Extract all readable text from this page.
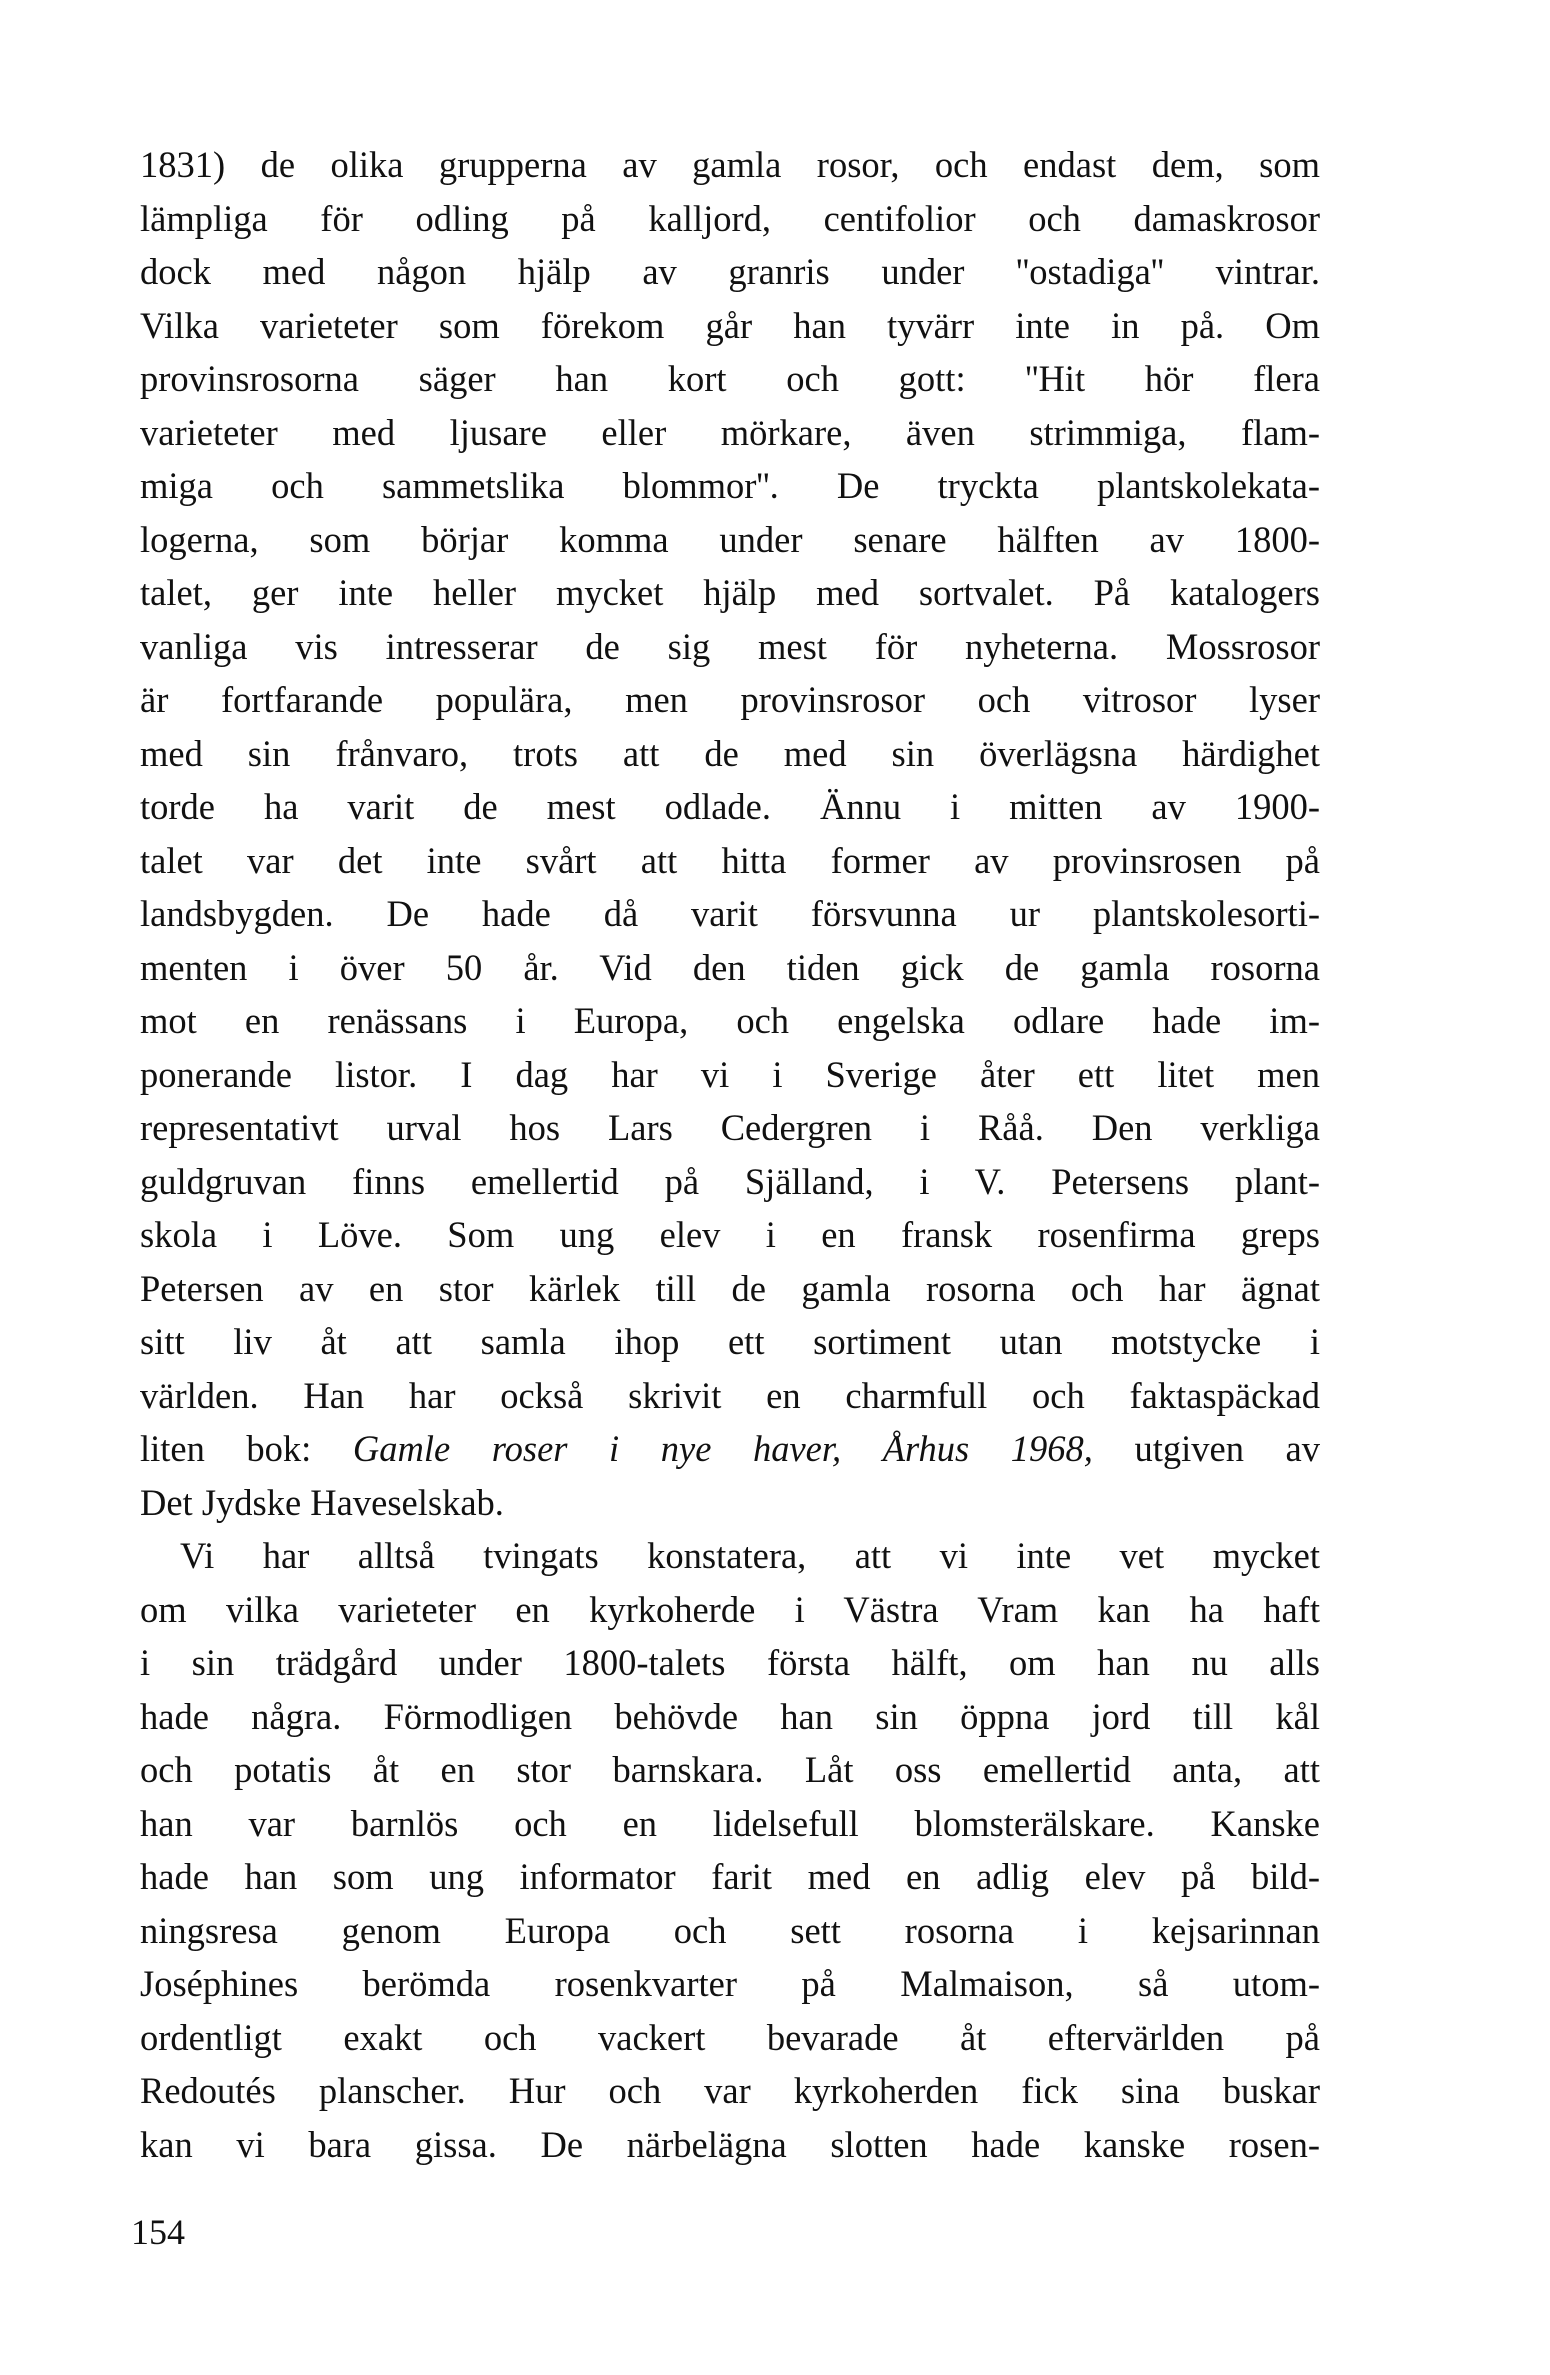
1831) de olika grupperna av gamla rosor, och endast dem, som
lämpliga för odling på kalljord, centifolior och damaskrosor
dock med någon hjälp av granris under ''ostadiga'' vintrar.
Vilka varieteter som förekom går han tyvärr inte in på. Om
provinsrosorna säger han kort och gott: ''Hit hör flera
varieteter med ljusare eller mörkare, även strimmiga, flam-
miga och sammetslika blommor''. De tryckta plantskolekata-
logerna, som börjar komma under senare hälften av 1800-
talet, ger inte heller mycket hjälp med sortvalet. På katalogers
vanliga vis intresserar de sig mest för nyheterna. Mossrosor
är fortfarande populära, men provinsrosor och vitrosor lyser
med sin frånvaro, trots att de med sin överlägsna härdighet
torde ha varit de mest odlade. Ännu i mitten av 1900-
talet var det inte svårt att hitta former av provinsrosen på
landsbygden. De hade då varit försvunna ur plantskolesorti-
menten i över 50 år. Vid den tiden gick de gamla rosorna
mot en renässans i Europa, och engelska odlare hade im-
ponerande listor. I dag har vi i Sverige åter ett litet men
representativt urval hos Lars Cedergren i Råå. Den verkliga
guldgruvan finns emellertid på Själland, i V. Petersens plant-
skola i Löve. Som ung elev i en fransk rosenfirma greps
Petersen av en stor kärlek till de gamla rosorna och har ägnat
sitt liv åt att samla ihop ett sortiment utan motstycke i
världen. Han har också skrivit en charmfull och faktaspäckad
liten bok: Gamle roser i nye haver, Århus 1968, utgiven av
Det Jydske Haveselskab.
Vi har alltså tvingats konstatera, att vi inte vet mycket
om vilka varieteter en kyrkoherde i Västra Vram kan ha haft
i sin trädgård under 1800-talets första hälft, om han nu alls
hade några. Förmodligen behövde han sin öppna jord till kål
och potatis åt en stor barnskara. Låt oss emellertid anta, att
han var barnlös och en lidelsefull blomsterälskare. Kanske
hade han som ung informator farit med en adlig elev på bild-
ningsresa genom Europa och sett rosorna i kejsarinnan
Joséphines berömda rosenkvarter på Malmaison, så utom-
ordentligt exakt och vackert bevarade åt eftervärlden på
Redoutés planscher. Hur och var kyrkoherden fick sina buskar
kan vi bara gissa. De närbelägna slotten hade kanske rosen-
154
